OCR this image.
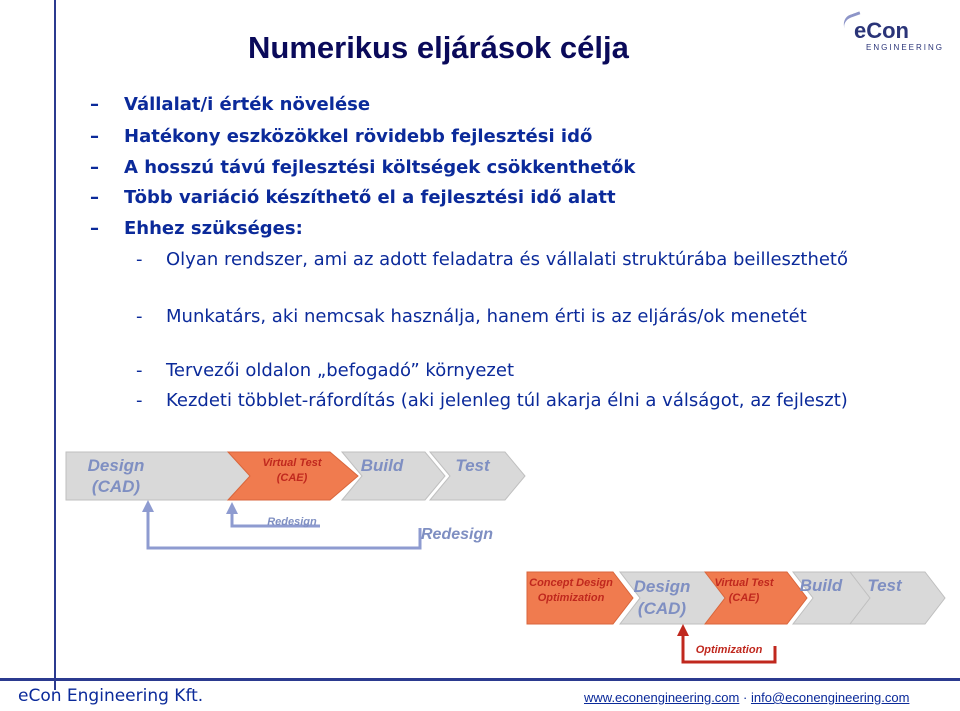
Numerikus eljárások célja	eCon
ENGINEERING
– Vállalat/i érték növelése
– Hatékony eszközökkel rövidebb fejlesztési idő
– A hosszú távú fejlesztési költségek csökkenthetők
– Több variáció készíthető el a fejlesztési idő alatt
– Ehhez szükséges:
- Olyan rendszer, ami az adott feladatra és vállalati struktúrába beilleszthető
- Munkatárs, aki nemcsak használja, hanem érti is az eljárás/ok menetét
- Tervezői oldalon „befogadó” környezet
- Kezdeti többlet-ráfordítás (aki jelenleg túl akarja élni a válságot, az fejleszt)
Design
(CAD)
Virtual Test
(CAE)
Build	Test
Redesign
Redesign
Concept Design
Optimization
Design
(CAD)
Virtual Test
(CAE)
Build	Test
Optimization
eCon Engineering Kft.	www.econengineering.com · info@econengineering.com
